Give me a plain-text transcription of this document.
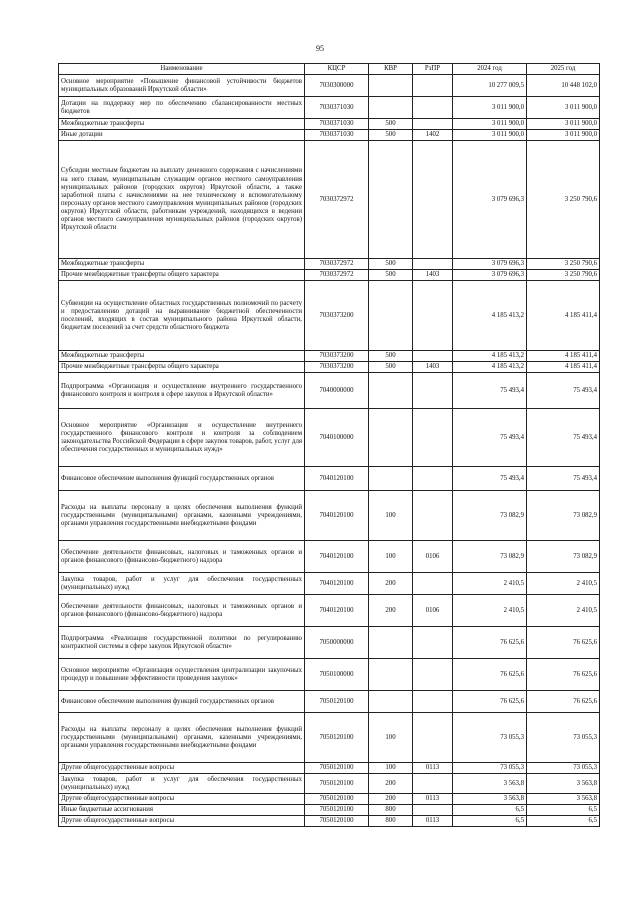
95
Наименование	КЦСР	КВР	РзПР	2024 год	2025 год
Основное мероприятие «Повышение финансовой устойчивости бюджетов муниципальных образований Иркутской области»	7030300000			10 277 009,5	10 448 102,0
Дотации на поддержку мер по обеспечению сбалансированности местных бюджетов	7030371030			3 011 900,0	3 011 900,0
Межбюджетные трансферты	7030371030	500		3 011 900,0	3 011 900,0
Иные дотации	7030371030	500	1402	3 011 900,0	3 011 900,0
Субсидии местным бюджетам на выплату денежного содержания с начислениями на него главам, муниципальным служащим органов местного самоуправления муниципальных районов (городских округов) Иркутской области, а также заработной платы с начислениями на нее техническому и вспомогательному персоналу органов местного самоуправления муниципальных районов (городских округов) Иркутской области, работникам учреждений, находящихся в ведении органов местного самоуправления муниципальных районов (городских округов) Иркутской области	7030372972			3 079 696,3	3 250 790,6
Межбюджетные трансферты	7030372972	500		3 079 696,3	3 250 790,6
Прочие межбюджетные трансферты общего характера	7030372972	500	1403	3 079 696,3	3 250 790,6
Субвенции на осуществление областных государственных полномочий по расчету и предоставлению дотаций на выравнивание бюджетной обеспеченности поселений, входящих в состав муниципального района Иркутской области, бюджетам поселений за счет средств областного бюджета	7030373200			4 185 413,2	4 185 411,4
Межбюджетные трансферты	7030373200	500		4 185 413,2	4 185 411,4
Прочие межбюджетные трансферты общего характера	7030373200	500	1403	4 185 413,2	4 185 411,4
Подпрограмма «Организация и осуществление внутреннего государственного финансового контроля и контроля в сфере закупок в Иркутской области»	7040000000			75 493,4	75 493,4
Основное мероприятие «Организация и осуществление внутреннего государственного финансового контроля и контроля за соблюдением законодательства Российской Федерации в сфере закупок товаров, работ, услуг для обеспечения государственных и муниципальных нужд»	7040100000			75 493,4	75 493,4
Финансовое обеспечение выполнения функций государственных органов	7040120100			75 493,4	75 493,4
Расходы на выплаты персоналу в целях обеспечения выполнения функций государственными (муниципальными) органами, казенными учреждениями, органами управления государственными внебюджетными фондами	7040120100	100		73 082,9	73 082,9
Обеспечение деятельности финансовых, налоговых и таможенных органов и органов финансового (финансово-бюджетного) надзора	7040120100	100	0106	73 082,9	73 082,9
Закупка товаров, работ и услуг для обеспечения государственных (муниципальных) нужд	7040120100	200		2 410,5	2 410,5
Обеспечение деятельности финансовых, налоговых и таможенных органов и органов финансового (финансово-бюджетного) надзора	7040120100	200	0106	2 410,5	2 410,5
Подпрограмма «Реализация государственной политики по регулированию контрактной системы в сфере закупок Иркутской области»	7050000000			76 625,6	76 625,6
Основное мероприятие «Организация осуществления централизации закупочных процедур и повышение эффективности проведения закупок»	7050100000			76 625,6	76 625,6
Финансовое обеспечение выполнения функций государственных органов	7050120100			76 625,6	76 625,6
Расходы на выплаты персоналу в целях обеспечения выполнения функций государственными (муниципальными) органами, казенными учреждениями, органами управления государственными внебюджетными фондами	7050120100	100		73 055,3	73 055,3
Другие общегосударственные вопросы	7050120100	100	0113	73 055,3	73 055,3
Закупка товаров, работ и услуг для обеспечения государственных (муниципальных) нужд	7050120100	200		3 563,8	3 563,8
Другие общегосударственные вопросы	7050120100	200	0113	3 563,8	3 563,8
Иные бюджетные ассигнования	7050120100	800		6,5	6,5
Другие общегосударственные вопросы	7050120100	800	0113	6,5	6,5
